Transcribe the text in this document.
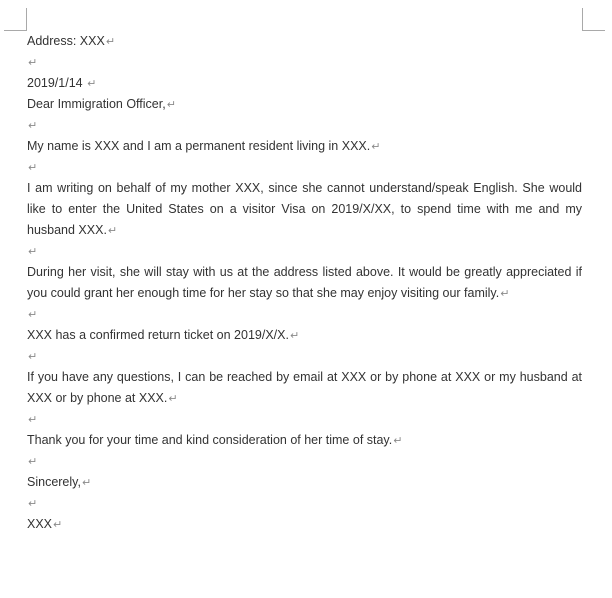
Address: XXX↵
↵
2019/1/14 ↵
Dear Immigration Officer,↵
↵
My name is XXX and I am a permanent resident living in XXX.↵
↵
I am writing on behalf of my mother XXX, since she cannot understand/speak English. She would
like to enter the United States on a visitor Visa on 2019/X/XX, to spend time with me and my
husband XXX.↵
↵
During her visit, she will stay with us at the address listed above. It would be greatly appreciated if
you could grant her enough time for her stay so that she may enjoy visiting our family.↵
↵
XXX has a confirmed return ticket on 2019/X/X.↵
↵
If you have any questions, I can be reached by email at XXX or by phone at XXX or my husband at
XXX or by phone at XXX.↵
↵
Thank you for your time and kind consideration of her time of stay.↵
↵
Sincerely,↵
↵
XXX↵
